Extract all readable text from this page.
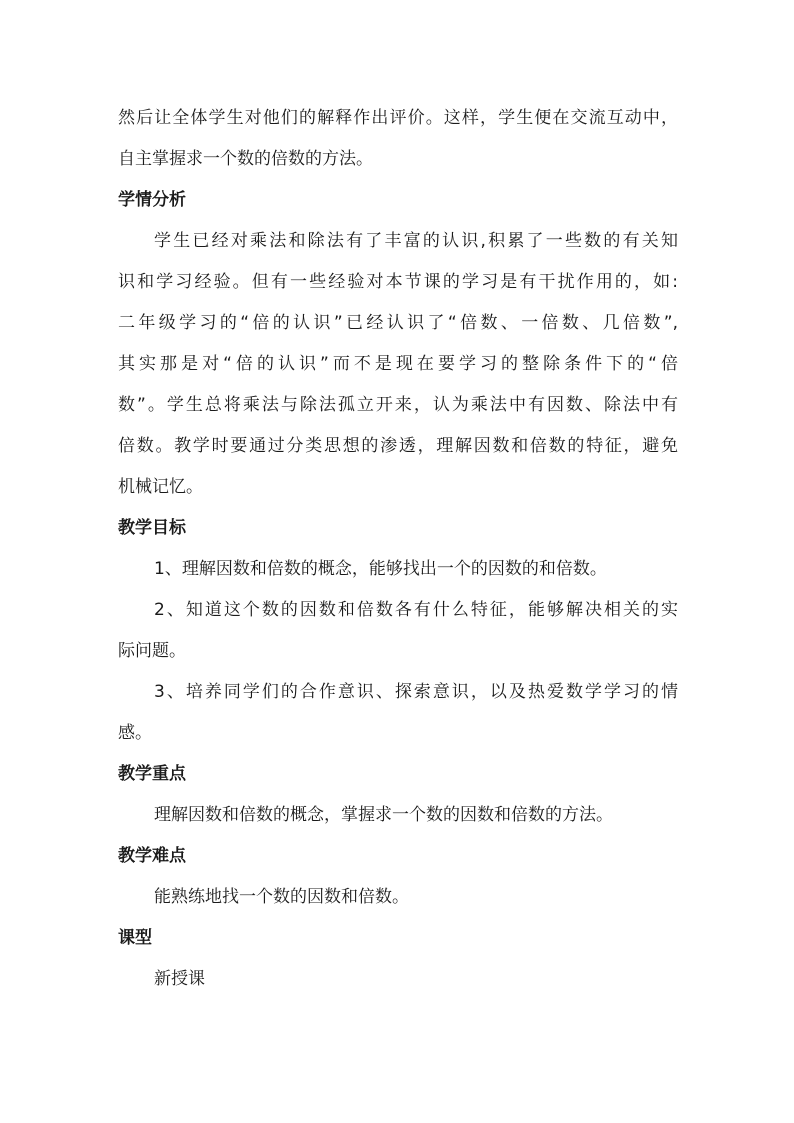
然后让全体学生对他们的解释作出评价。这样，学生便在交流互动中，
自主掌握求一个数的倍数的方法。
学情分析
学生已经对乘法和除法有了丰富的认识,积累了一些数的有关知
识和学习经验。但有一些经验对本节课的学习是有干扰作用的，如:
二年级学习的“倍的认识”已经认识了“倍数、一倍数、几倍数”,
其实那是对“倍的认识”而不是现在要学习的整除条件下的“倍
数”。学生总将乘法与除法孤立开来，认为乘法中有因数、除法中有
倍数。教学时要通过分类思想的渗透，理解因数和倍数的特征，避免
机械记忆。
教学目标
1、理解因数和倍数的概念，能够找出一个的因数的和倍数。
2、知道这个数的因数和倍数各有什么特征，能够解决相关的实
际问题。
3、培养同学们的合作意识、探索意识，以及热爱数学学习的情
感。
教学重点
理解因数和倍数的概念，掌握求一个数的因数和倍数的方法。
教学难点
能熟练地找一个数的因数和倍数。
课型
新授课
